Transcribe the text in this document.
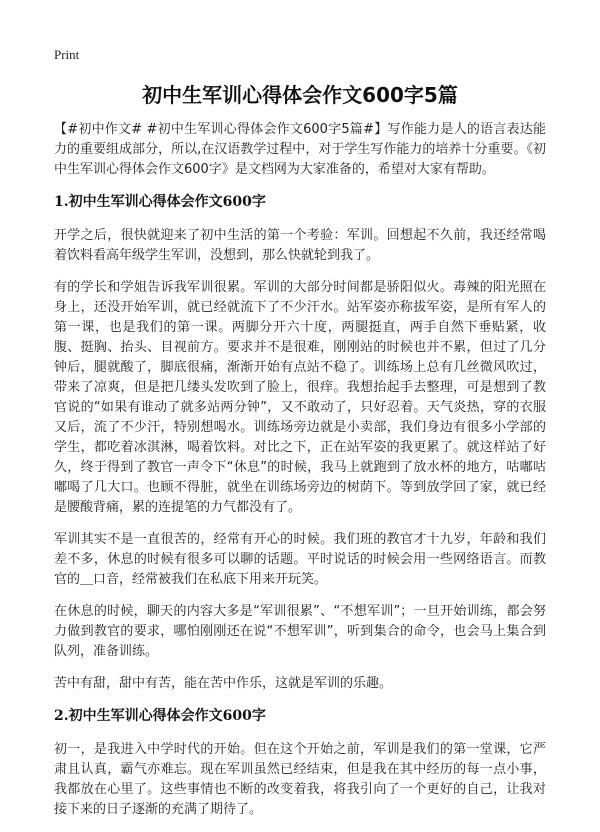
Print
初中生军训心得体会作文600字5篇

【#初中作文# #初中生军训心得体会作文600字5篇#】写作能力是人的语言表达能力的重要组成部分，所以,在汉语教学过程中，对于学生写作能力的培养十分重要。《初中生军训心得体会作文600字》是文档网为大家准备的，希望对大家有帮助。

1.初中生军训心得体会作文600字

开学之后，很快就迎来了初中生活的第一个考验：军训。回想起不久前，我还经常喝着饮料看高年级学生军训，没想到，那么快就轮到我了。

有的学长和学姐告诉我军训很累。军训的大部分时间都是骄阳似火。毒辣的阳光照在身上，还没开始军训，就已经就流下了不少汗水。站军姿亦称拔军姿，是所有军人的第一课，也是我们的第一课。两脚分开六十度，两腿挺直，两手自然下垂贴紧，收腹、挺胸、抬头、目视前方。要求并不是很难，刚刚站的时候也并不累，但过了几分钟后，腿就酸了，脚底很痛，渐渐开始有点站不稳了。训练场上总有几丝微风吹过，带来了凉爽，但是把几缕头发吹到了脸上，很痒。我想抬起手去整理，可是想到了教官说的“如果有谁动了就多站两分钟”，又不敢动了，只好忍着。天气炎热，穿的衣服又后，流了不少汗，特别想喝水。训练场旁边就是小卖部，我们身边有很多小学部的学生，都吃着冰淇淋，喝着饮料。对比之下，正在站军姿的我更累了。就这样站了好久，终于得到了教官一声令下“休息”的时候，我马上就跑到了放水杯的地方，咕嘟咕嘟喝了几大口。也顾不得脏，就坐在训练场旁边的树荫下。等到放学回了家，就已经是腰酸背痛，累的连提笔的力气都没有了。

军训其实不是一直很苦的，经常有开心的时候。我们班的教官才十九岁，年龄和我们差不多，休息的时候有很多可以聊的话题。平时说话的时候会用一些网络语言。而教官的＿口音，经常被我们在私底下用来开玩笑。

在休息的时候，聊天的内容大多是“军训很累”、“不想军训”；一旦开始训练，都会努力做到教官的要求，哪怕刚刚还在说“不想军训”，听到集合的命令，也会马上集合到队列，准备训练。

苦中有甜，甜中有苦，能在苦中作乐，这就是军训的乐趣。

2.初中生军训心得体会作文600字

初一，是我进入中学时代的开始。但在这个开始之前，军训是我们的第一堂课，它严肃且认真，霸气亦难忘。现在军训虽然已经结束，但是我在其中经历的每一点小事，我都放在心里了。这些事情也不断的改变着我，将我引向了一个更好的自己，让我对接下来的日子逐渐的充满了期待了。
